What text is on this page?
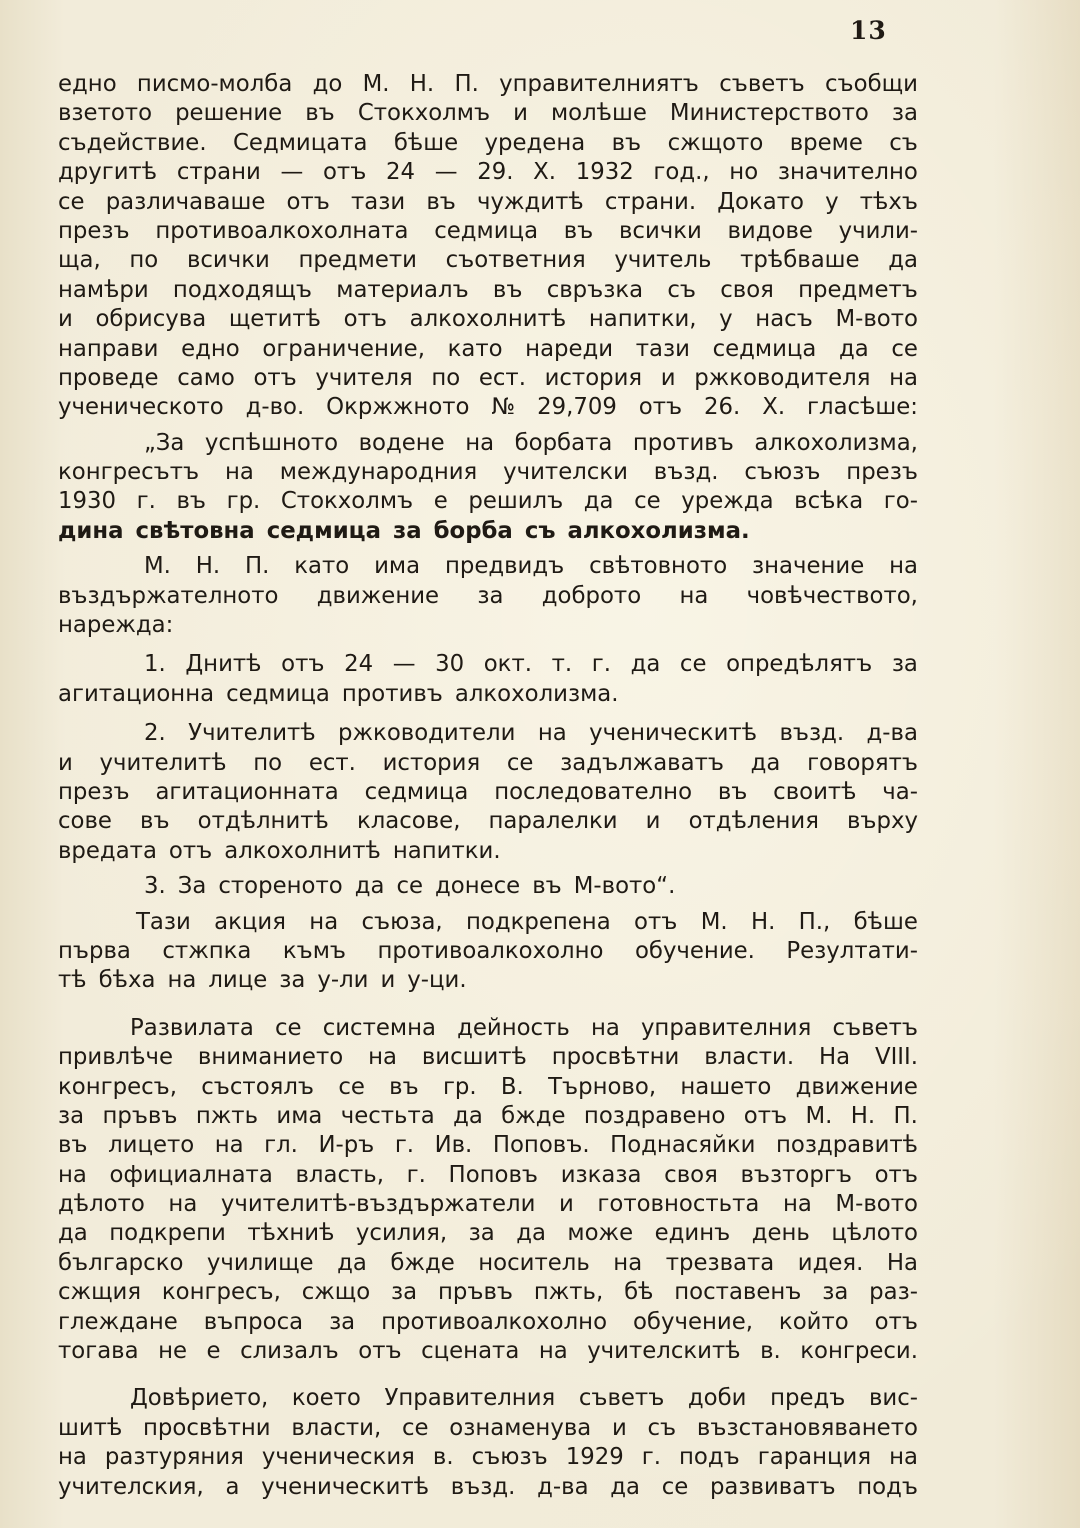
13
едно писмо-молба до М. Н. П. управителниятъ съветъ съобщи
взетото решение въ Стокхолмъ и молѣше Министерството за
съдействие. Седмицата бѣше уредена въ сжщото време съ
другитѣ страни — отъ 24 — 29. X. 1932 год., но значително
се различаваше отъ тази въ чуждитѣ страни. Докато у тѣхъ
презъ противоалкохолната седмица въ всички видове учили-
ща, по всички предмети съответния учитель трѣбваше да
намѣри подходящъ материалъ въ свръзка съ своя предметъ
и обрисува щетитѣ отъ алкохолнитѣ напитки, у насъ М-вото
направи едно ограничение, като нареди тази седмица да се
проведе само отъ учителя по ест. история и ржководителя на
ученическото д-во. Окржжното № 29,709 отъ 26. X. гласѣше:
„За успѣшното водене на борбата противъ алкохолизма,
конгресътъ на международния учителски възд. съюзъ презъ
1930 г. въ гр. Стокхолмъ е решилъ да се урежда всѣка го-
дина свѣтовна седмица за борба съ алкохолизма.
М. Н. П. като има предвидъ свѣтовното значение на
въздържателното движение за доброто на човѣчеството,
нарежда:
1. Днитѣ отъ 24 — 30 окт. т. г. да се опредѣлятъ за
агитационна седмица противъ алкохолизма.
2. Учителитѣ ржководители на ученическитѣ възд. д-ва
и учителитѣ по ест. история се задължаватъ да говорятъ
презъ агитационната седмица последователно въ своитѣ ча-
сове въ отдѣлнитѣ класове, паралелки и отдѣления върху
вредата отъ алкохолнитѣ напитки.
3. За стореното да се донесе въ М-вото“.
Тази акция на съюза, подкрепена отъ М. Н. П., бѣше
първа стжпка къмъ противоалкохолно обучение. Резултати-
тѣ бѣха на лице за у-ли и у-ци.
Развилата се системна дейность на управителния съветъ
привлѣче вниманието на висшитѣ просвѣтни власти. На VIII.
конгресъ, състоялъ се въ гр. В. Търново, нашето движение
за пръвъ пжть има честьта да бжде поздравено отъ М. Н. П.
въ лицето на гл. И-ръ г. Ив. Поповъ. Поднасяйки поздравитѣ
на официалната власть, г. Поповъ изказа своя възторгъ отъ
дѣлото на учителитѣ-въздържатели и готовностьта на М-вото
да подкрепи тѣхниѣ усилия, за да може единъ день цѣлото
българско училище да бжде носитель на трезвата идея. На
сжщия конгресъ, сжщо за пръвъ пжть, бѣ поставенъ за раз-
глеждане въпроса за противоалкохолно обучение, който отъ
тогава не е слизалъ отъ сцената на учителскитѣ в. конгреси.
Довѣрието, което Управителния съветъ доби предъ вис-
шитѣ просвѣтни власти, се ознаменува и съ възстановяването
на разтуряния ученическия в. съюзъ 1929 г. подъ гаранция на
учителския, а ученическитѣ възд. д-ва да се развиватъ подъ
